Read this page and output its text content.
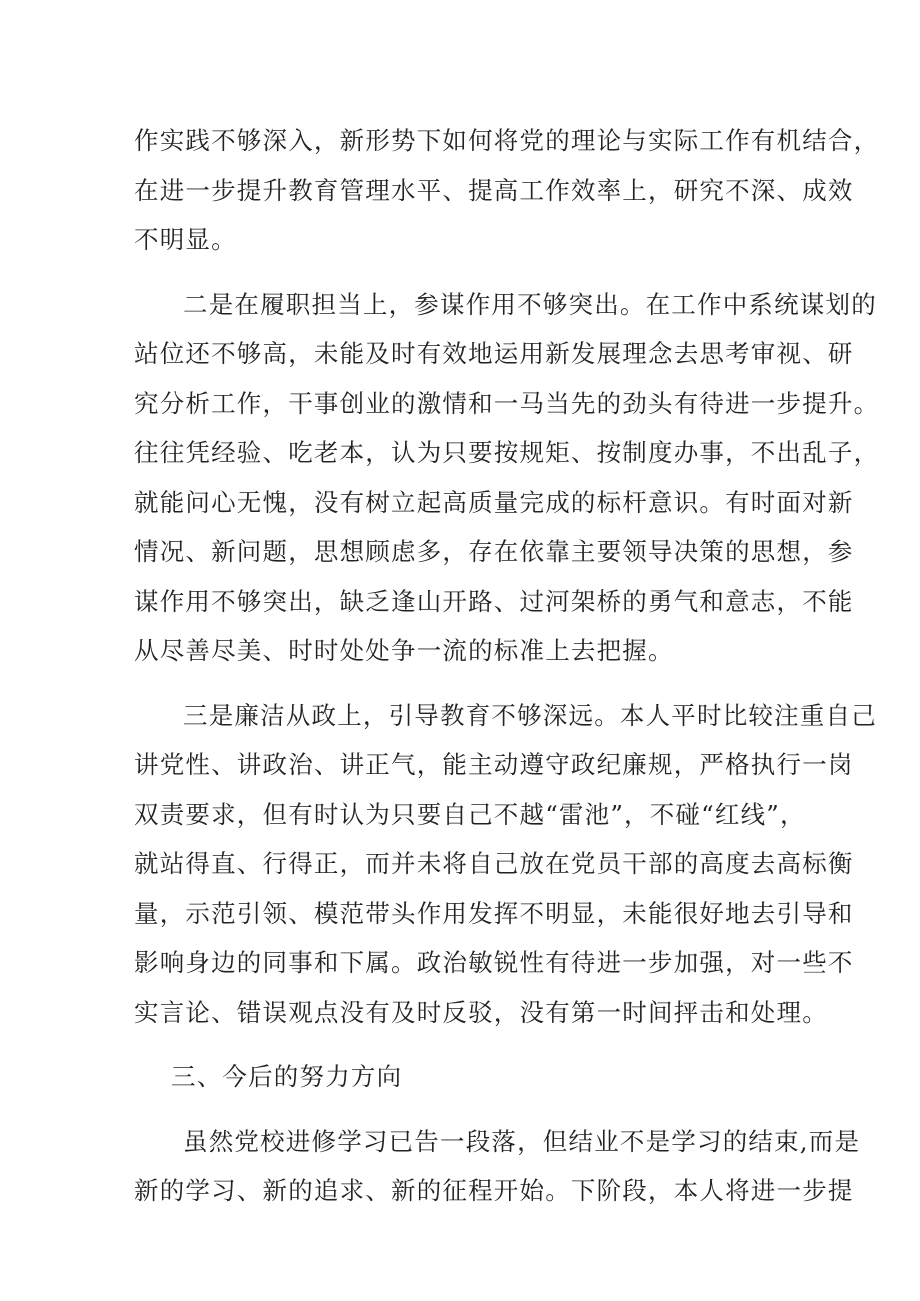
作实践不够深入，新形势下如何将党的理论与实际工作有机结合，
在进一步提升教育管理水平、提高工作效率上，研究不深、成效
不明显。

二是在履职担当上，参谋作用不够突出。在工作中系统谋划的
站位还不够高，未能及时有效地运用新发展理念去思考审视、研
究分析工作，干事创业的激情和一马当先的劲头有待进一步提升。
往往凭经验、吃老本，认为只要按规矩、按制度办事，不出乱子，
就能问心无愧，没有树立起高质量完成的标杆意识。有时面对新
情况、新问题，思想顾虑多，存在依靠主要领导决策的思想，参
谋作用不够突出，缺乏逢山开路、过河架桥的勇气和意志，不能
从尽善尽美、时时处处争一流的标准上去把握。

三是廉洁从政上，引导教育不够深远。本人平时比较注重自己
讲党性、讲政治、讲正气，能主动遵守政纪廉规，严格执行一岗
双责要求，但有时认为只要自己不越“雷池”，不碰“红线”，
就站得直、行得正，而并未将自己放在党员干部的高度去高标衡
量，示范引领、模范带头作用发挥不明显，未能很好地去引导和
影响身边的同事和下属。政治敏锐性有待进一步加强，对一些不
实言论、错误观点没有及时反驳，没有第一时间抨击和处理。

三、今后的努力方向

虽然党校进修学习已告一段落，但结业不是学习的结束,而是
新的学习、新的追求、新的征程开始。下阶段，本人将进一步提
